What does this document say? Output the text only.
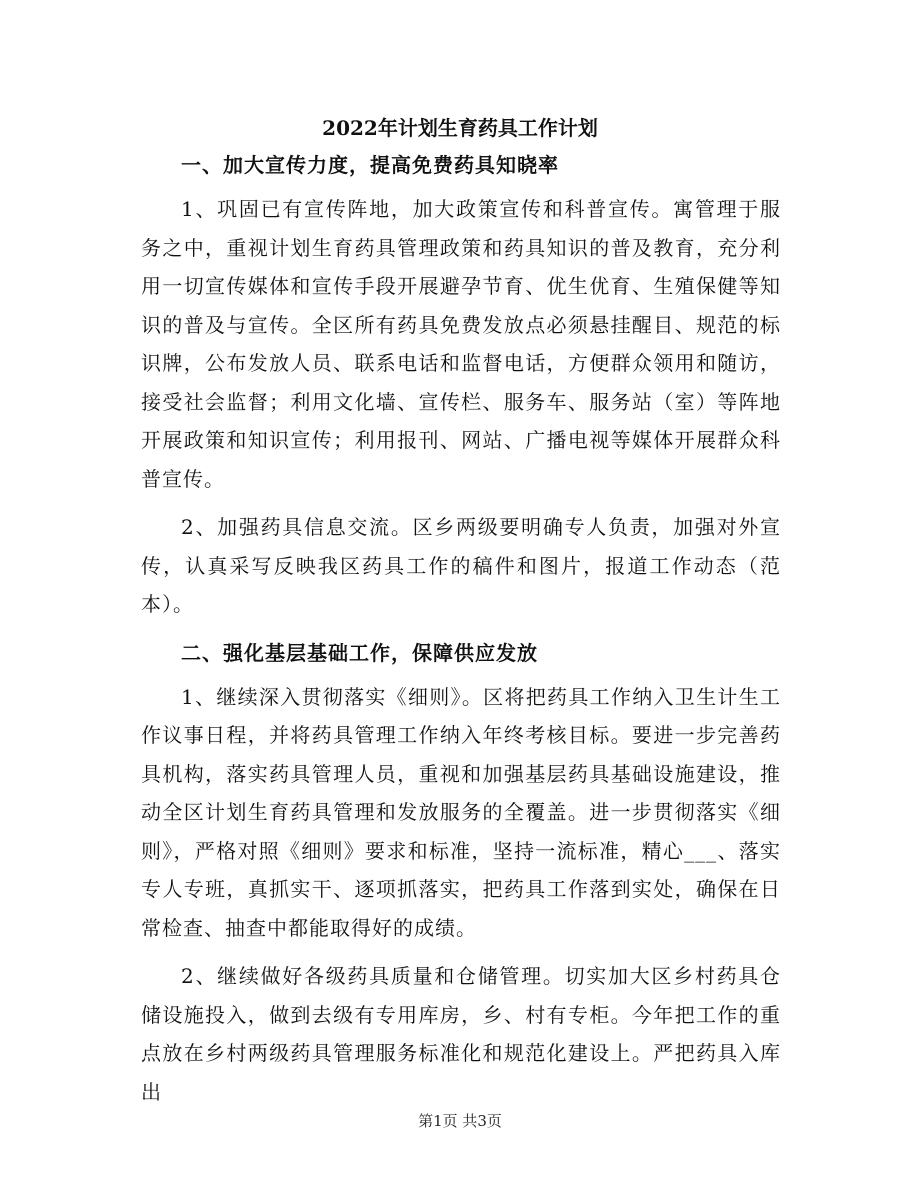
2022年计划生育药具工作计划

一、加大宣传力度，提高免费药具知晓率

1、巩固已有宣传阵地，加大政策宣传和科普宣传。寓管理于服务之中，重视计划生育药具管理政策和药具知识的普及教育，充分利用一切宣传媒体和宣传手段开展避孕节育、优生优育、生殖保健等知识的普及与宣传。全区所有药具免费发放点必须悬挂醒目、规范的标识牌，公布发放人员、联系电话和监督电话，方便群众领用和随访，接受社会监督；利用文化墙、宣传栏、服务车、服务站（室）等阵地开展政策和知识宣传；利用报刊、网站、广播电视等媒体开展群众科普宣传。

2、加强药具信息交流。区乡两级要明确专人负责，加强对外宣传，认真采写反映我区药具工作的稿件和图片，报道工作动态（范本）。

二、强化基层基础工作，保障供应发放

1、继续深入贯彻落实《细则》。区将把药具工作纳入卫生计生工作议事日程，并将药具管理工作纳入年终考核目标。要进一步完善药具机构，落实药具管理人员，重视和加强基层药具基础设施建设，推动全区计划生育药具管理和发放服务的全覆盖。进一步贯彻落实《细则》，严格对照《细则》要求和标准，坚持一流标准，精心___、落实专人专班，真抓实干、逐项抓落实，把药具工作落到实处，确保在日常检查、抽查中都能取得好的成绩。

2、继续做好各级药具质量和仓储管理。切实加大区乡村药具仓储设施投入，做到去级有专用库房，乡、村有专柜。今年把工作的重点放在乡村两级药具管理服务标准化和规范化建设上。严把药具入库出

第1页 共3页
